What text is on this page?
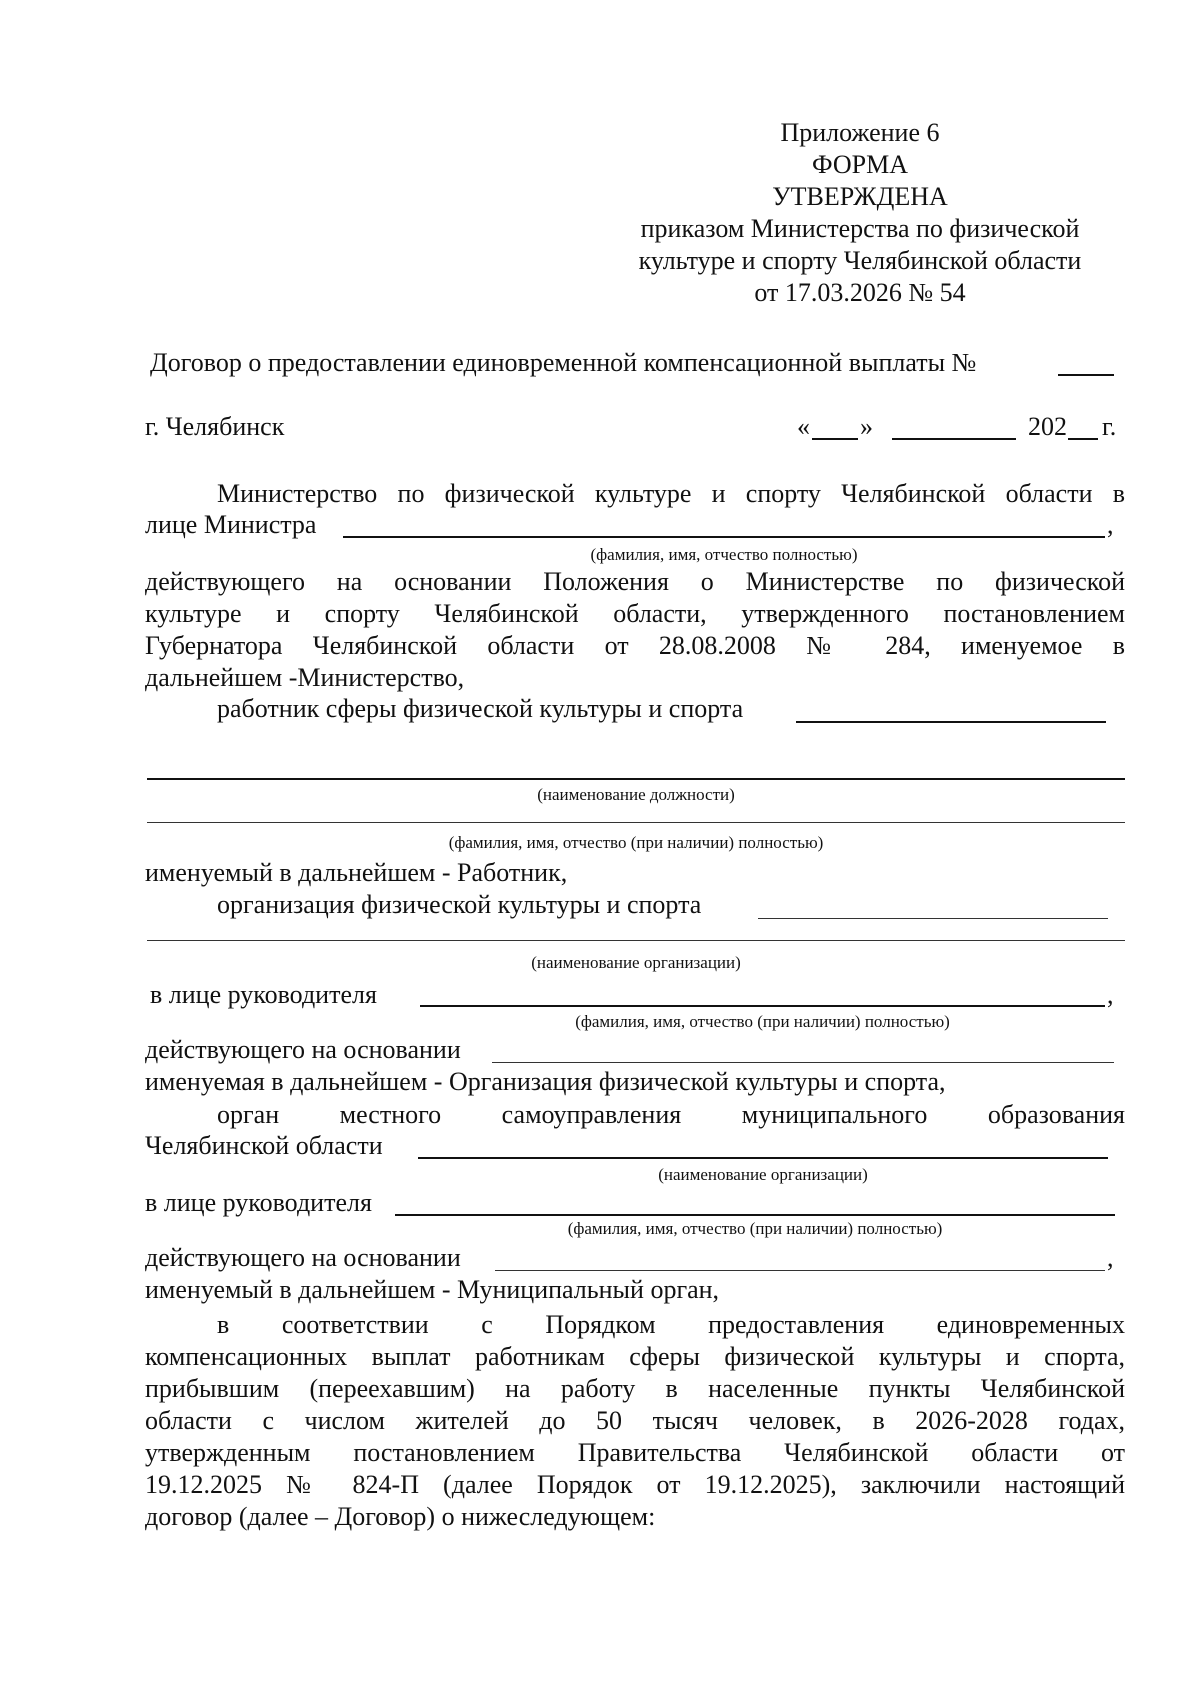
Приложение 6
ФОРМА
УТВЕРЖДЕНА
приказом Министерства по физической
культуре и спорту Челябинской области
от 17.03.2026 № 54
Договор о предоставлении единовременной компенсационной выплаты №
г. Челябинск	« »	202 г.
Министерство по физической культуре и спорту Челябинской области в
лице Министра	,
(фамилия, имя, отчество полностью)
действующего на основании Положения о Министерстве по физической
культуре и спорту Челябинской области, утвержденного постановлением
Губернатора Челябинской области от 28.08.2008 № 284, именуемое в
дальнейшем -Министерство,
работник сферы физической культуры и спорта
(наименование должности)
(фамилия, имя, отчество (при наличии) полностью)
именуемый в дальнейшем - Работник,
организация физической культуры и спорта
(наименование организации)
в лице руководителя	,
(фамилия, имя, отчество (при наличии) полностью)
действующего на основании
именуемая в дальнейшем - Организация физической культуры и спорта,
орган местного самоуправления муниципального образования
Челябинской области
(наименование организации)
в лице руководителя
(фамилия, имя, отчество (при наличии) полностью)
действующего на основании	,
именуемый в дальнейшем - Муниципальный орган,
в соответствии с Порядком предоставления единовременных
компенсационных выплат работникам сферы физической культуры и спорта,
прибывшим (переехавшим) на работу в населенные пункты Челябинской
области с числом жителей до 50 тысяч человек, в 2026-2028 годах,
утвержденным постановлением Правительства Челябинской области от
19.12.2025 № 824-П (далее Порядок от 19.12.2025), заключили настоящий
договор (далее – Договор) о нижеследующем:
